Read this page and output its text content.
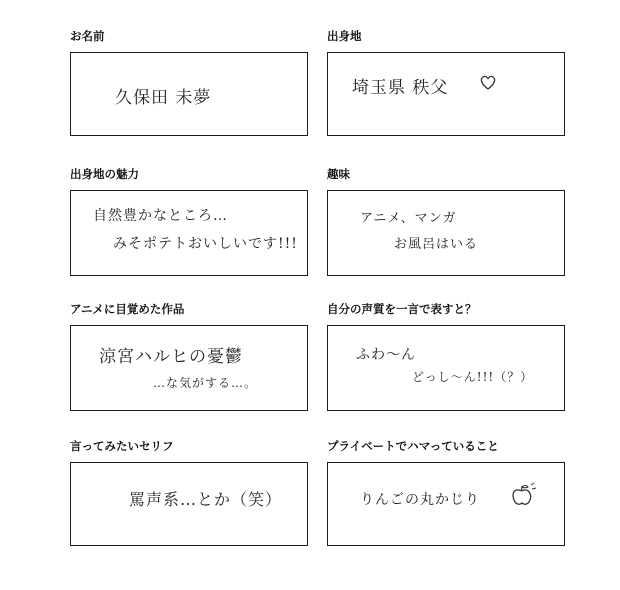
お名前
久保田 未夢
出身地
埼玉県 秩父
出身地の魅力
自然豊かなところ…
みそポテトおいしいです!!!
趣味
アニメ、マンガ
お風呂はいる
アニメに目覚めた作品
涼宮ハルヒの憂鬱
…な気がする…。
自分の声質を一言で表すと？
ふわ～ん
どっし～ん!!!（？）
言ってみたいセリフ
罵声系…とか（笑）
プライベートでハマっていること
りんごの丸かじり
